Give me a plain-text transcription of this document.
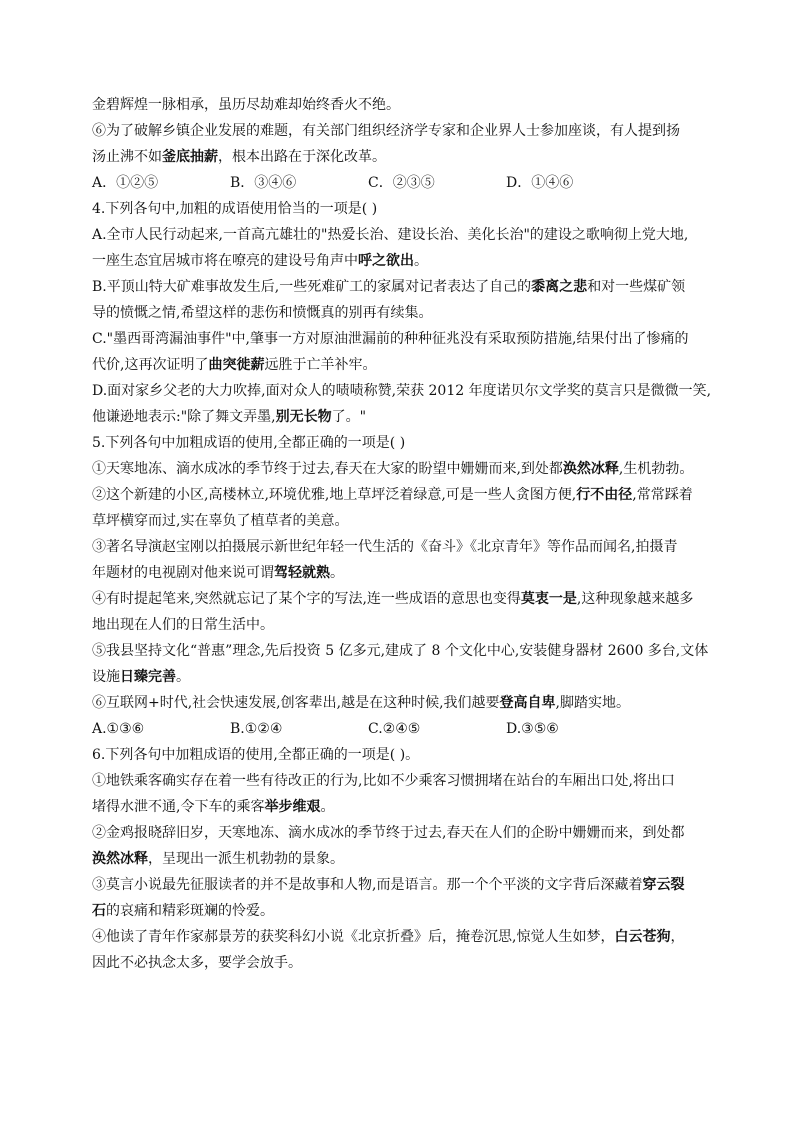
金碧辉煌一脉相承，虽历尽劫难却始终香火不绝。
⑥为了破解乡镇企业发展的难题，有关部门组织经济学专家和企业界人士参加座谈，有人提到扬
汤止沸不如釜底抽薪，根本出路在于深化改革。
A．①②⑤	B．③④⑥	C．②③⑤	D．①④⑥
4.下列各句中,加粗的成语使用恰当的一项是( )
A.全市人民行动起来,一首高亢雄壮的"热爱长治、建设长治、美化长治"的建设之歌响彻上党大地,
一座生态宜居城市将在嘹亮的建设号角声中呼之欲出。
B.平顶山特大矿难事故发生后,一些死难矿工的家属对记者表达了自己的黍离之悲和对一些煤矿领
导的愤慨之情,希望这样的悲伤和愤慨真的别再有续集。
C."墨西哥湾漏油事件"中,肇事一方对原油泄漏前的种种征兆没有采取预防措施,结果付出了惨痛的
代价,这再次证明了曲突徙薪远胜于亡羊补牢。
D.面对家乡父老的大力吹捧,面对众人的啧啧称赞,荣获 2012 年度诺贝尔文学奖的莫言只是微微一笑,
他谦逊地表示:"除了舞文弄墨,别无长物了。"
5.下列各句中加粗成语的使用,全都正确的一项是( )
①天寒地冻、滴水成冰的季节终于过去,春天在大家的盼望中姗姗而来,到处都涣然冰释,生机勃勃。
②这个新建的小区,高楼林立,环境优雅,地上草坪泛着绿意,可是一些人贪图方便,行不由径,常常踩着
草坪横穿而过,实在辜负了植草者的美意。
③著名导演赵宝刚以拍摄展示新世纪年轻一代生活的《奋斗》《北京青年》等作品而闻名,拍摄青
年题材的电视剧对他来说可谓驾轻就熟。
④有时提起笔来,突然就忘记了某个字的写法,连一些成语的意思也变得莫衷一是,这种现象越来越多
地出现在人们的日常生活中。
⑤我县坚持文化“普惠”理念,先后投资 5 亿多元,建成了 8 个文化中心,安装健身器材 2600 多台,文体
设施日臻完善。
⑥互联网+时代,社会快速发展,创客辈出,越是在这种时候,我们越要登高自卑,脚踏实地。
A.①③⑥	B.①②④	C.②④⑤	D.③⑤⑥
6.下列各句中加粗成语的使用,全都正确的一项是( )。
①地铁乘客确实存在着一些有待改正的行为,比如不少乘客习惯拥堵在站台的车厢出口处,将出口
堵得水泄不通,令下车的乘客举步维艰。
②金鸡报晓辞旧岁，天寒地冻、滴水成冰的季节终于过去,春天在人们的企盼中姗姗而来，到处都
涣然冰释，呈现出一派生机勃勃的景象。
③莫言小说最先征服读者的并不是故事和人物,而是语言。那一个个平淡的文字背后深藏着穿云裂
石的哀痛和精彩斑斓的怜爱。
④他读了青年作家郝景芳的获奖科幻小说《北京折叠》后，掩卷沉思,惊觉人生如梦，白云苍狗，
因此不必执念太多，要学会放手。
